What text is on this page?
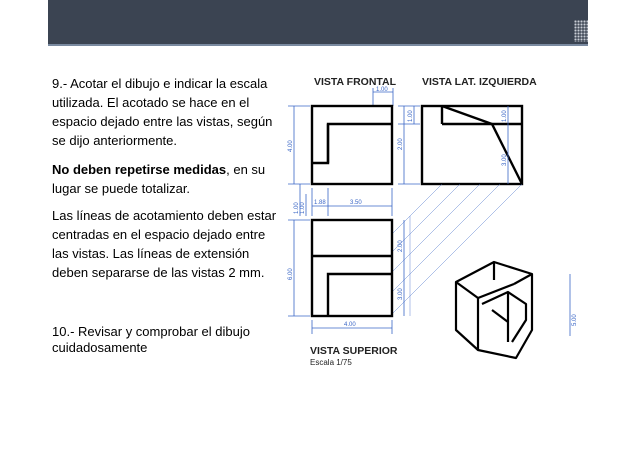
9.- Acotar el dibujo e indicar la escala utilizada. El acotado se hace en el espacio dejado entre las vistas, según se dijo anteriormente.
No deben repetirse medidas, en su lugar se puede totalizar.
Las líneas de acotamiento deben estar centradas en el espacio dejado entre las vistas. Las líneas de extensión deben separarse de las vistas 2 mm.
10.- Revisar y comprobar el dibujo cuidadosamente
VISTA FRONTAL VISTA LAT. IZQUIERDA
1.00
2.00
1.00
4.00
1.88	3.50
1.00 1.00
6.00
2.00
3.00
4.00
1.00
3.00
5.00
VISTA SUPERIOR
Escala 1/75
